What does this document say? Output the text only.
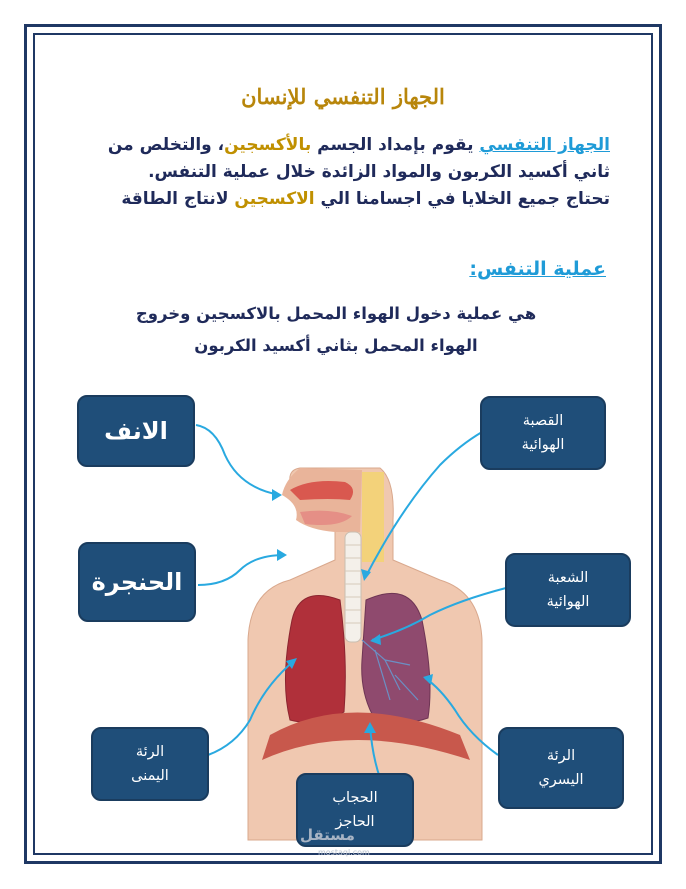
الجهاز التنفسي للإنسان
الجهاز التنفسي يقوم بإمداد الجسم بالأكسجين، والتخلص من ثاني أكسيد الكربون والمواد الزائدة خلال عملية التنفس.
تحتاج جميع الخلايا في اجسامنا الي الاكسجين لانتاج الطاقة
عملية التنفس:
هي عملية دخول الهواء المحمل بالاكسجين وخروج
الهواء المحمل بثاني أكسيد الكربون
الانف
الحنجرة
القصبة
الهوائية
الشعبة
الهوائية
الرئة
اليمنى
الرئة
اليسري
الحجاب
الحاجز
مستقل
mostaql.com
